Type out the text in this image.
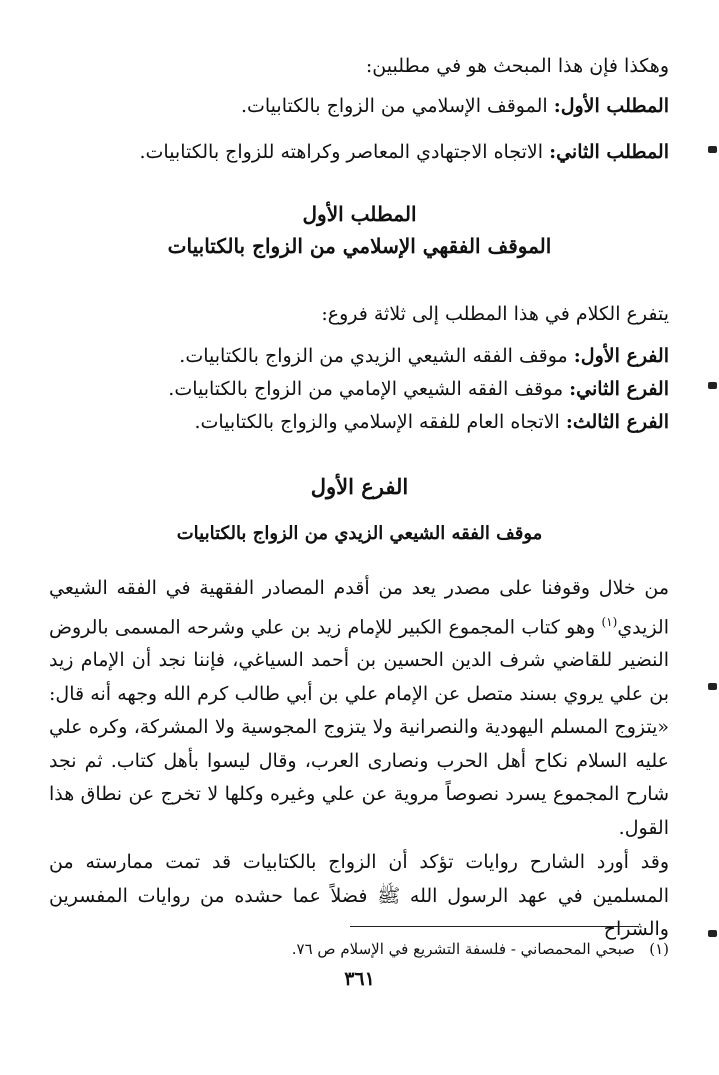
وهكذا فإن هذا المبحث هو في مطلبين:
المطلب الأول: الموقف الإسلامي من الزواج بالكتابيات.
المطلب الثاني: الاتجاه الاجتهادي المعاصر وكراهته للزواج بالكتابيات.
المطلب الأول
الموقف الفقهي الإسلامي من الزواج بالكتابيات
يتفرع الكلام في هذا المطلب إلى ثلاثة فروع:
الفرع الأول: موقف الفقه الشيعي الزيدي من الزواج بالكتابيات.
الفرع الثاني: موقف الفقه الشيعي الإمامي من الزواج بالكتابيات.
الفرع الثالث: الاتجاه العام للفقه الإسلامي والزواج بالكتابيات.
الفرع الأول
موقف الفقه الشيعي الزيدي من الزواج بالكتابيات

من خلال وقوفنا على مصدر يعد من أقدم المصادر الفقهية في الفقه الشيعي الزيدي$^{(١)}$ وهو كتاب المجموع الكبير للإمام زيد بن علي وشرحه المسمى بالروض النضير للقاضي شرف الدين الحسين بن أحمد السياغي، فإننا نجد أن الإمام زيد بن علي يروي بسند متصل عن الإمام علي بن أبي طالب كرم الله وجهه أنه قال: «يتزوج المسلم اليهودية والنصرانية ولا يتزوج المجوسية ولا المشركة، وكره علي عليه السلام نكاح أهل الحرب ونصارى العرب، وقال ليسوا بأهل كتاب. ثم نجد شارح المجموع يسرد نصوصاً مروية عن علي وغيره وكلها لا تخرج عن نطاق هذا القول.

وقد أورد الشارح روايات تؤكد أن الزواج بالكتابيات قد تمت ممارسته من المسلمين في عهد الرسول الله ﷺ فضلاً عما حشده من روايات المفسرين والشراح

(١)   صبحي المحمصاني - فلسفة التشريع في الإسلام ص ٧٦.
٣٦١
